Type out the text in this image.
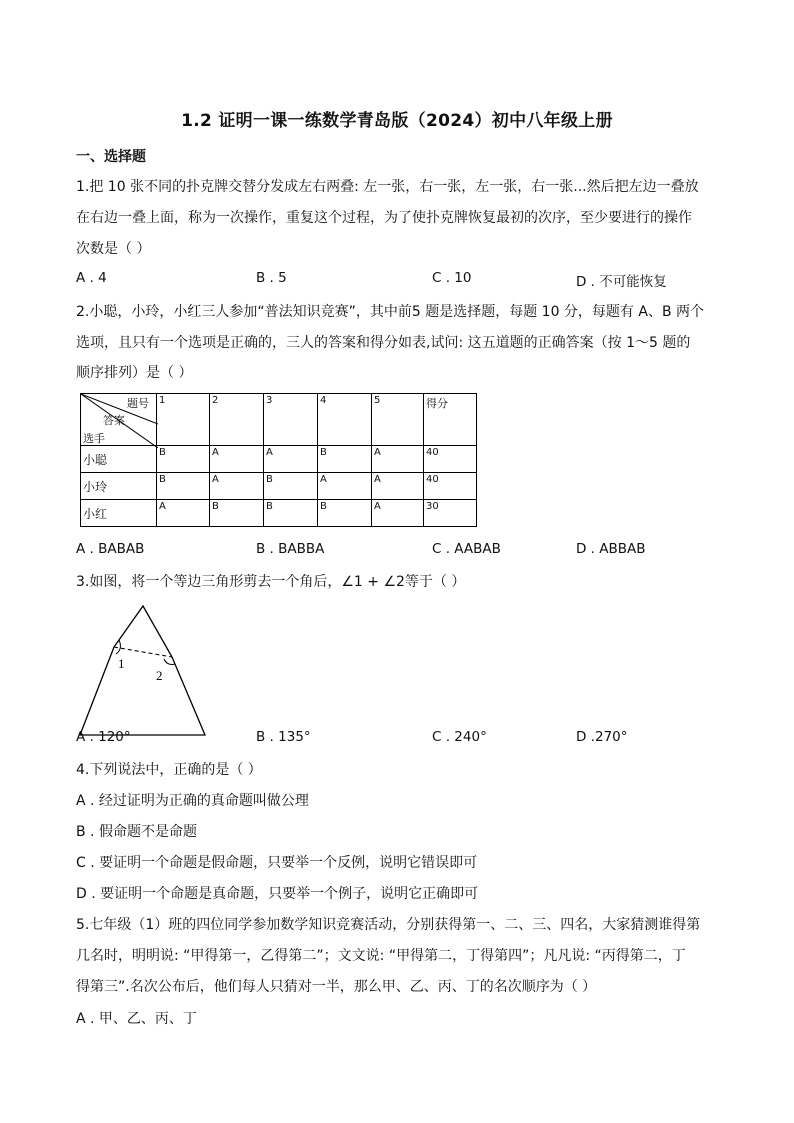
1.2 证明一课一练数学青岛版（2024）初中八年级上册
一、选择题
1.把 10 张不同的扑克牌交替分发成左右两叠: 左一张，右一张，左一张，右一张...然后把左边一叠放
在右边一叠上面，称为一次操作，重复这个过程，为了使扑克牌恢复最初的次序，至少要进行的操作
次数是（ ）
A . 4	B . 5	C . 10	D . 不可能恢复
2.小聪，小玲，小红三人参加“普法知识竞赛”，其中前5 题是选择题，每题 10 分，每题有 A、B 两个
选项，且只有一个选项是正确的，三人的答案和得分如表,试问: 这五道题的正确答案（按 1～5 题的
顺序排列）是（ ）
题号
答案
选手	1	2	3	4	5	得分
小聪	B	A	A	B	A	40
小玲	B	A	B	A	A	40
小红	A	B	B	B	A	30
A . BABAB	B . BABBA	C . AABAB	D . ABBAB
3.如图，将一个等边三角形剪去一个角后，∠1 + ∠2等于（ ）
1
2
A . 120°	B . 135°	C . 240°	D .270°
4.下列说法中，正确的是（ ）
A . 经过证明为正确的真命题叫做公理
B . 假命题不是命题
C . 要证明一个命题是假命题，只要举一个反例，说明它错误即可
D . 要证明一个命题是真命题，只要举一个例子，说明它正确即可
5.七年级（1）班的四位同学参加数学知识竞赛活动，分别获得第一、二、三、四名，大家猜测谁得第
几名时，明明说: “甲得第一，乙得第二”；文文说: “甲得第二，丁得第四”；凡凡说: “丙得第二，丁
得第三”.名次公布后，他们每人只猜对一半，那么甲、乙、丙、丁的名次顺序为（ ）
A . 甲、乙、丙、丁
